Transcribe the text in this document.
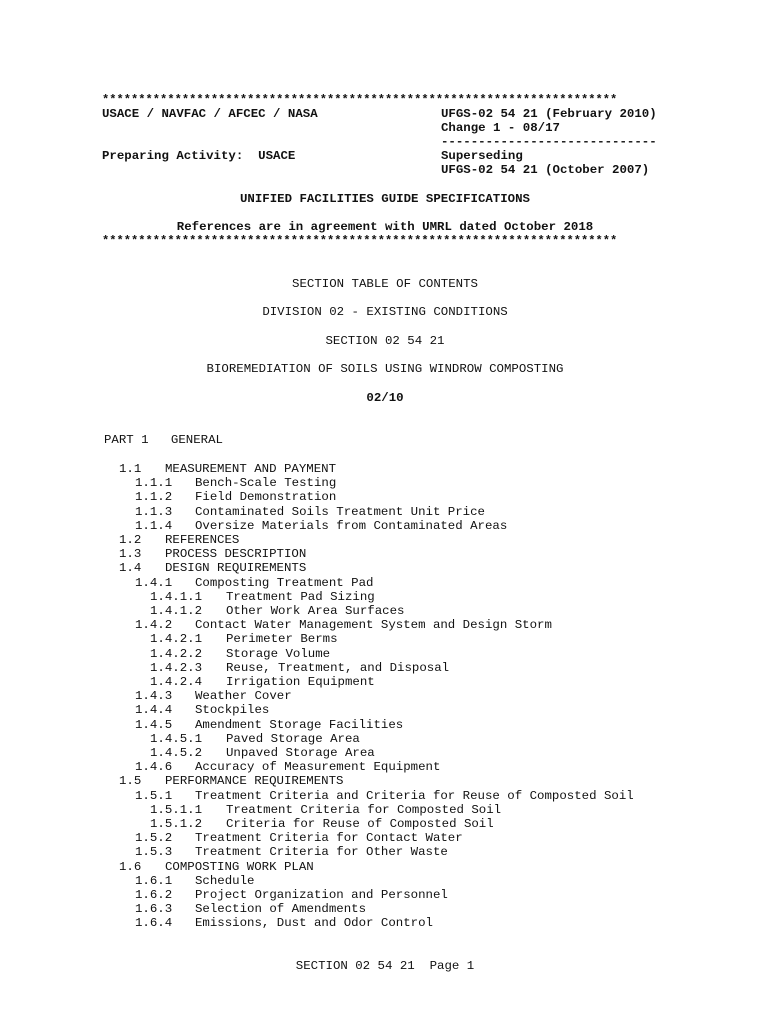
***********************************************************************
USACE / NAVFAC / AFCEC / NASA	UFGS-02 54 21 (February 2010)
Change 1 - 08/17
-----------------------------
Preparing Activity:  USACE	Superseding
UFGS-02 54 21 (October 2007)
UNIFIED FACILITIES GUIDE SPECIFICATIONS
References are in agreement with UMRL dated October 2018
***********************************************************************
SECTION TABLE OF CONTENTS
DIVISION 02 - EXISTING CONDITIONS
SECTION 02 54 21
BIOREMEDIATION OF SOILS USING WINDROW COMPOSTING
02/10
PART 1   GENERAL
1.1 MEASUREMENT AND PAYMENT
1.1.1 Bench-Scale Testing
1.1.2 Field Demonstration
1.1.3 Contaminated Soils Treatment Unit Price
1.1.4 Oversize Materials from Contaminated Areas
1.2 REFERENCES
1.3 PROCESS DESCRIPTION
1.4 DESIGN REQUIREMENTS
1.4.1 Composting Treatment Pad
1.4.1.1 Treatment Pad Sizing
1.4.1.2 Other Work Area Surfaces
1.4.2 Contact Water Management System and Design Storm
1.4.2.1 Perimeter Berms
1.4.2.2 Storage Volume
1.4.2.3 Reuse, Treatment, and Disposal
1.4.2.4 Irrigation Equipment
1.4.3 Weather Cover
1.4.4 Stockpiles
1.4.5 Amendment Storage Facilities
1.4.5.1 Paved Storage Area
1.4.5.2 Unpaved Storage Area
1.4.6 Accuracy of Measurement Equipment
1.5 PERFORMANCE REQUIREMENTS
1.5.1 Treatment Criteria and Criteria for Reuse of Composted Soil
1.5.1.1 Treatment Criteria for Composted Soil
1.5.1.2 Criteria for Reuse of Composted Soil
1.5.2 Treatment Criteria for Contact Water
1.5.3 Treatment Criteria for Other Waste
1.6 COMPOSTING WORK PLAN
1.6.1 Schedule
1.6.2 Project Organization and Personnel
1.6.3 Selection of Amendments
1.6.4 Emissions, Dust and Odor Control
SECTION 02 54 21  Page 1
